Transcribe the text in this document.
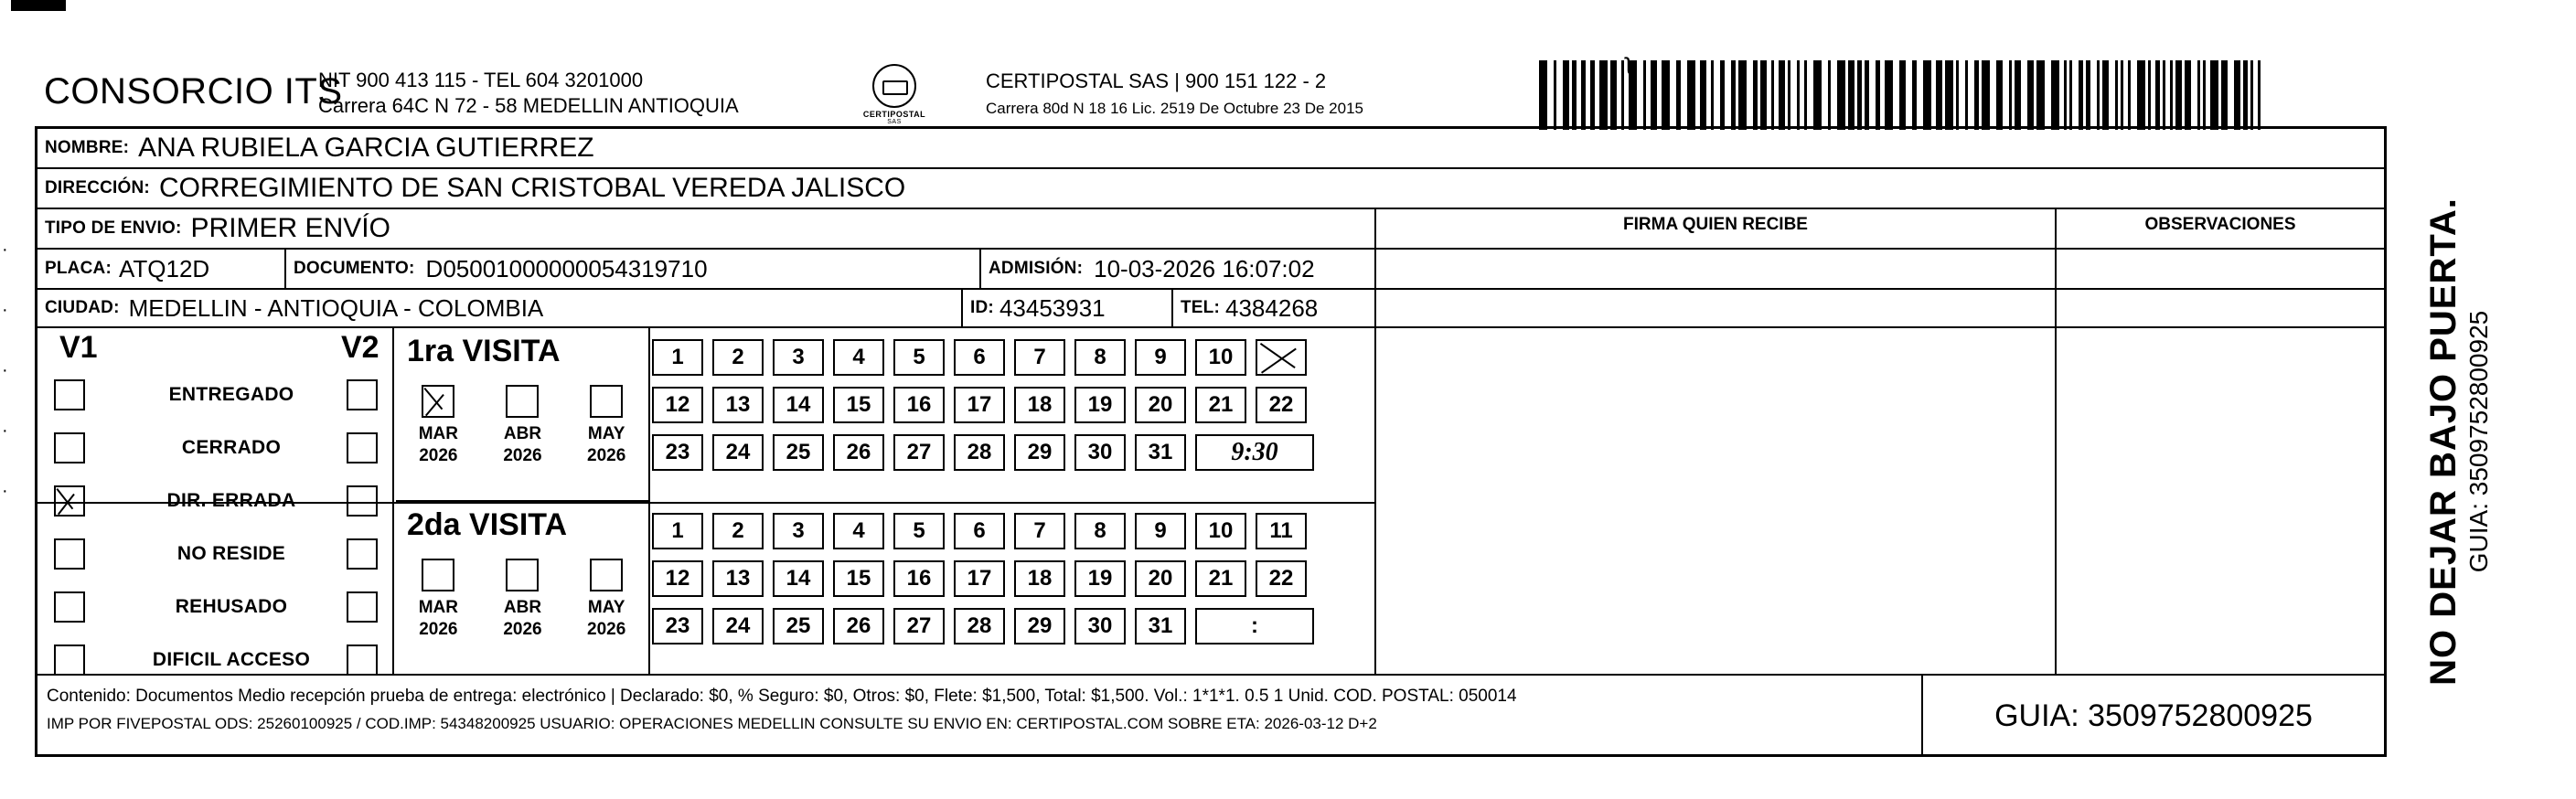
·
·
·
·
·
CONSORCIO ITS
NIT 900 413 115 - TEL 604 3201000
Carrera 64C N 72 - 58 MEDELLIN ANTIOQUIA	CERTIPOSTAL
SAS
CERTIPOSTAL SAS | 900 151 122 - 2
Carrera 80d N 18 16 Lic. 2519 De Octubre 23 De 2015
ʅ
NOMBRE: ANA RUBIELA GARCIA GUTIERREZ
DIRECCIÓN: CORREGIMIENTO DE SAN CRISTOBAL VEREDA JALISCO
TIPO DE ENVIO: PRIMER ENVÍO
PLACA: ATQ12D	DOCUMENTO: D05001000000054319710	ADMISIÓN: 10-03-2026 16:07:02
CIUDAD: MEDELLIN - ANTIOQUIA - COLOMBIA	ID: 43453931	TEL: 4384268
FIRMA QUIEN RECIBE	OBSERVACIONES
V1	V2
ENTREGADO
CERRADO
DIR. ERRADA
NO RESIDE
REHUSADO
DIFICIL ACCESO
1ra VISITA
MAR
2026
ABR
2026
MAY
2026
2da VISITA
MAR
2026
ABR
2026
MAY
2026
1	2	3	4	5	6	7	8	9	10
12	13	14	15	16	17	18	19	20	21	22
23	24	25	26	27	28	29	30	31	9:30
1	2	3	4	5	6	7	8	9	10	11
12	13	14	15	16	17	18	19	20	21	22
23	24	25	26	27	28	29	30	31	:
Contenido: Documentos Medio recepción prueba de entrega: electrónico | Declarado: $0, % Seguro: $0, Otros: $0, Flete: $1,500, Total: $1,500. Vol.: 1*1*1. 0.5 1 Unid. COD. POSTAL: 050014
IMP POR FIVEPOSTAL ODS: 25260100925 / COD.IMP: 54348200925 USUARIO: OPERACIONES MEDELLIN CONSULTE SU ENVIO EN: CERTIPOSTAL.COM SOBRE ETA: 2026-03-12 D+2	GUIA: 3509752800925
NO DEJAR BAJO PUERTA. GUIA: 3509752800925
